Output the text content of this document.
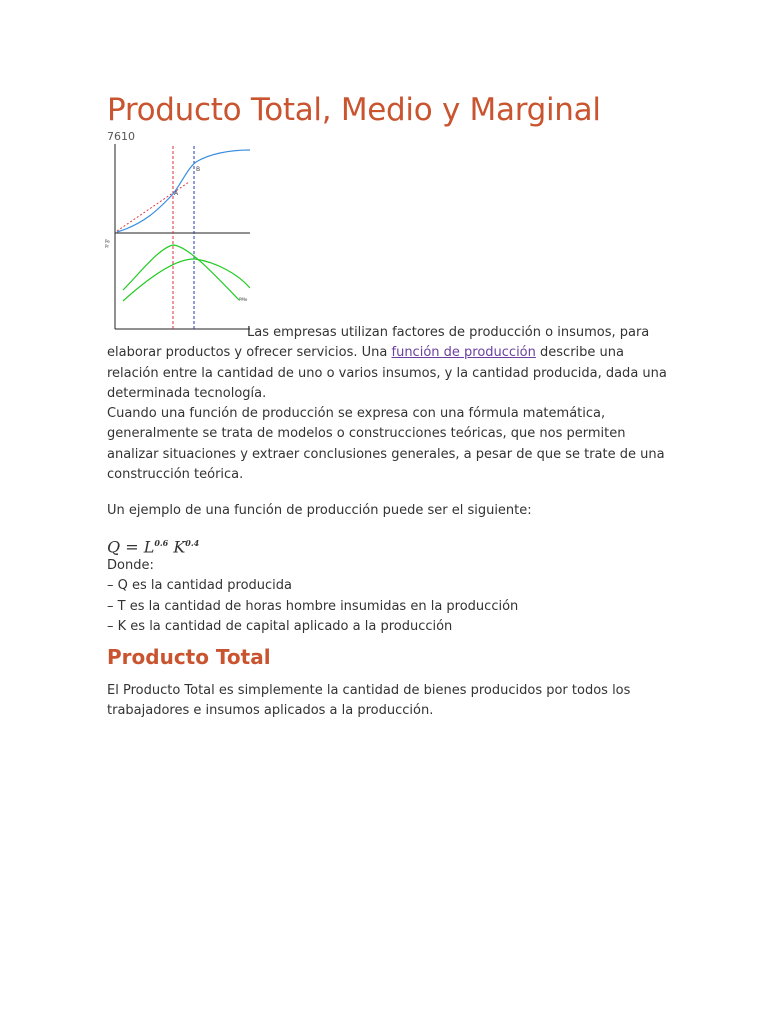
Producto Total, Medio y Marginal
7610
A
B
Pe Pr
PMe

Las empresas utilizan factores de producción o insumos, para elaborar productos y ofrecer servicios. Una función de producción describe una relación entre la cantidad de uno o varios insumos, y la cantidad producida, dada una determinada tecnología.
Cuando una función de producción se expresa con una fórmula matemática, generalmente se trata de modelos o construcciones teóricas, que nos permiten analizar situaciones y extraer conclusiones generales, a pesar de que se trate de una construcción teórica.

Un ejemplo de una función de producción puede ser el siguiente:

$Q = L^{0.6}$ $K^{0.4}$
Donde:
– Q es la cantidad producida
– T es la cantidad de horas hombre insumidas en la producción
– K es la cantidad de capital aplicado a la producción
Producto Total

El Producto Total es simplemente la cantidad de bienes producidos por todos los trabajadores e insumos aplicados a la producción.
